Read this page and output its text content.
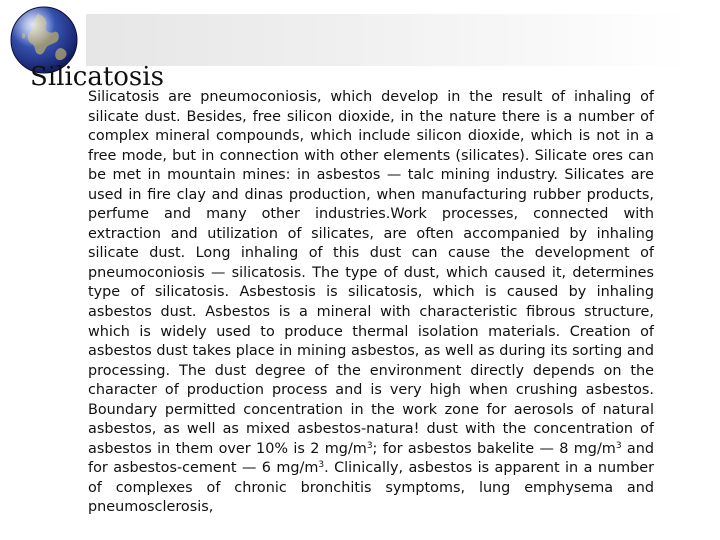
Silicatosis

Silicatosis are pneumoconiosis, which develop in the result of inhaling of silicate dust. Besides, free silicon dioxide, in the nature there is a number of complex mineral compounds, which include silicon dioxide, which is not in a free mode, but in connection with other elements (silicates). Silicate ores can be met in mountain mines: in asbestos — talc mining industry. Silicates are used in fire clay and dinas production, when manufacturing rubber products, perfume and many other industries.Work processes, connected with extraction and utilization of silicates, are often accompanied by inhaling silicate dust. Long inhaling of this dust can cause the development of pneumoconiosis — silicatosis. The type of dust, which caused it, determines type of silicatosis. Asbestosis is silicatosis, which is caused by inhaling asbestos dust. Asbestos is a mineral with characteristic fibrous structure, which is widely used to produce thermal isolation materials. Creation of asbestos dust takes place in mining asbestos, as well as during its sorting and processing. The dust degree of the environment directly depends on the character of production process and is very high when crushing asbestos. Boundary permitted concentration in the work zone for aerosols of natural asbestos, as well as mixed asbestos-natura! dust with the concentration of asbestos in them over 10% is 2 $mg/m^3$; for asbestos bakelite — 8 $mg/m^3$ and for asbestos-cement — 6 $mg/m^3$. Clinically, asbestos is apparent in a number of complexes of chronic bronchitis symptoms, lung emphysema and pneumosclerosis,
